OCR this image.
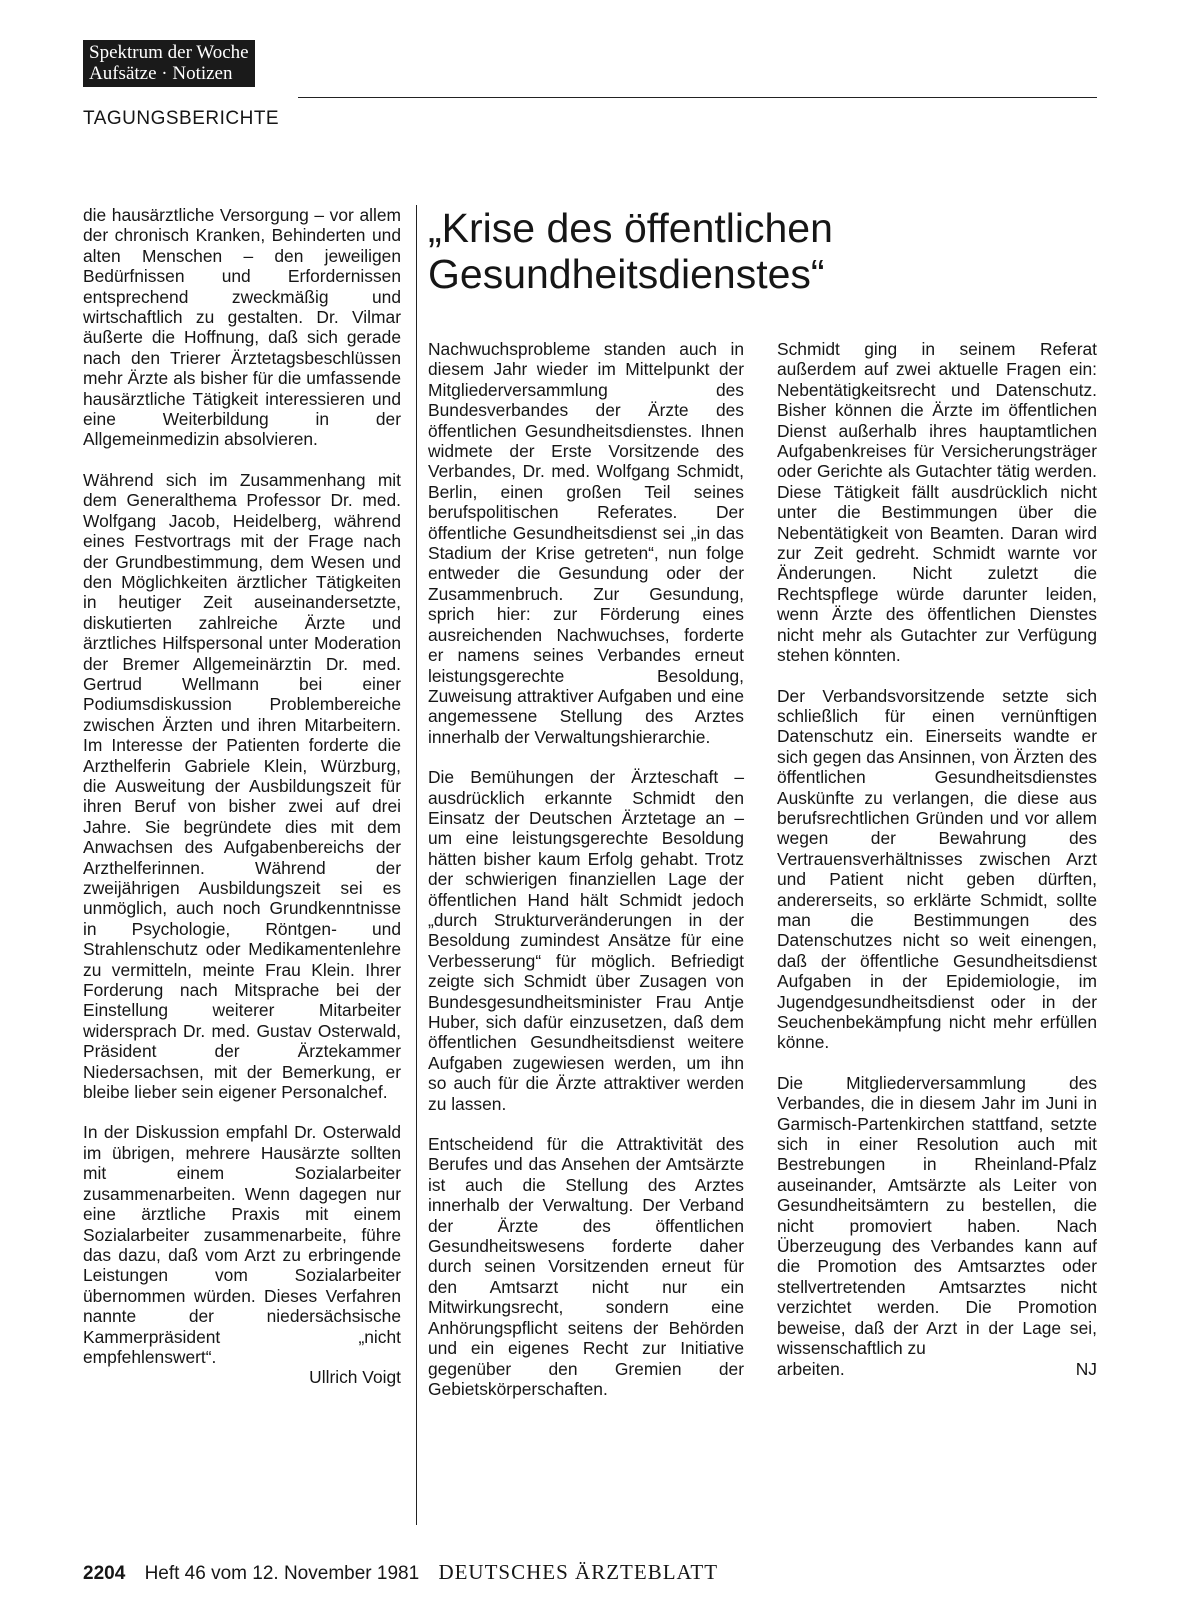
Spektrum der Woche
Aufsätze · Notizen
TAGUNGSBERICHTE

die hausärztliche Versorgung – vor allem der chronisch Kranken, Behinderten und alten Menschen – den jeweiligen Bedürfnissen und Erfordernissen entsprechend zweckmäßig und wirtschaftlich zu gestalten. Dr. Vilmar äußerte die Hoffnung, daß sich gerade nach den Trierer Ärztetagsbeschlüssen mehr Ärzte als bisher für die umfassende hausärztliche Tätigkeit interessieren und eine Weiterbildung in der Allgemeinmedizin absolvieren.

Während sich im Zusammenhang mit dem Generalthema Professor Dr. med. Wolfgang Jacob, Heidelberg, während eines Festvortrags mit der Frage nach der Grundbestimmung, dem Wesen und den Möglichkeiten ärztlicher Tätigkeiten in heutiger Zeit auseinandersetzte, diskutierten zahlreiche Ärzte und ärztliches Hilfspersonal unter Moderation der Bremer Allgemeinärztin Dr. med. Gertrud Wellmann bei einer Podiumsdiskussion Problembereiche zwischen Ärzten und ihren Mitarbeitern. Im Interesse der Patienten forderte die Arzthelferin Gabriele Klein, Würzburg, die Ausweitung der Ausbildungszeit für ihren Beruf von bisher zwei auf drei Jahre. Sie begründete dies mit dem Anwachsen des Aufgabenbereichs der Arzthelferinnen. Während der zweijährigen Ausbildungszeit sei es unmöglich, auch noch Grundkenntnisse in Psychologie, Röntgen- und Strahlenschutz oder Medikamentenlehre zu vermitteln, meinte Frau Klein. Ihrer Forderung nach Mitsprache bei der Einstellung weiterer Mitarbeiter widersprach Dr. med. Gustav Osterwald, Präsident der Ärztekammer Niedersachsen, mit der Bemerkung, er bleibe lieber sein eigener Personalchef.

In der Diskussion empfahl Dr. Osterwald im übrigen, mehrere Hausärzte sollten mit einem Sozialarbeiter zusammenarbeiten. Wenn dagegen nur eine ärztliche Praxis mit einem Sozialarbeiter zusammenarbeite, führe das dazu, daß vom Arzt zu erbringende Leistungen vom Sozialarbeiter übernommen würden. Dieses Verfahren nannte der niedersächsische Kammerpräsident „nicht empfehlenswert“.
Ullrich Voigt

„Krise des öffentlichen Gesundheitsdienstes“

Nachwuchsprobleme standen auch in diesem Jahr wieder im Mittelpunkt der Mitgliederversammlung des Bundesverbandes der Ärzte des öffentlichen Gesundheitsdienstes. Ihnen widmete der Erste Vorsitzende des Verbandes, Dr. med. Wolfgang Schmidt, Berlin, einen großen Teil seines berufspolitischen Referates. Der öffentliche Gesundheitsdienst sei „in das Stadium der Krise getreten“, nun folge entweder die Gesundung oder der Zusammenbruch. Zur Gesundung, sprich hier: zur Förderung eines ausreichenden Nachwuchses, forderte er namens seines Verbandes erneut leistungsgerechte Besoldung, Zuweisung attraktiver Aufgaben und eine angemessene Stellung des Arztes innerhalb der Verwaltungshierarchie.

Die Bemühungen der Ärzteschaft – ausdrücklich erkannte Schmidt den Einsatz der Deutschen Ärztetage an – um eine leistungsgerechte Besoldung hätten bisher kaum Erfolg gehabt. Trotz der schwierigen finanziellen Lage der öffentlichen Hand hält Schmidt jedoch „durch Strukturveränderungen in der Besoldung zumindest Ansätze für eine Verbesserung“ für möglich. Befriedigt zeigte sich Schmidt über Zusagen von Bundesgesundheitsminister Frau Antje Huber, sich dafür einzusetzen, daß dem öffentlichen Gesundheitsdienst weitere Aufgaben zugewiesen werden, um ihn so auch für die Ärzte attraktiver werden zu lassen.

Entscheidend für die Attraktivität des Berufes und das Ansehen der Amtsärzte ist auch die Stellung des Arztes innerhalb der Verwaltung. Der Verband der Ärzte des öffentlichen Gesundheitswesens forderte daher durch seinen Vorsitzenden erneut für den Amtsarzt nicht nur ein Mitwirkungsrecht, sondern eine Anhörungspflicht seitens der Behörden und ein eigenes Recht zur Initiative gegenüber den Gremien der Gebietskörperschaften.

Schmidt ging in seinem Referat außerdem auf zwei aktuelle Fragen ein: Nebentätigkeitsrecht und Datenschutz. Bisher können die Ärzte im öffentlichen Dienst außerhalb ihres hauptamtlichen Aufgabenkreises für Versicherungsträger oder Gerichte als Gutachter tätig werden. Diese Tätigkeit fällt ausdrücklich nicht unter die Bestimmungen über die Nebentätigkeit von Beamten. Daran wird zur Zeit gedreht. Schmidt warnte vor Änderungen. Nicht zuletzt die Rechtspflege würde darunter leiden, wenn Ärzte des öffentlichen Dienstes nicht mehr als Gutachter zur Verfügung stehen könnten.

Der Verbandsvorsitzende setzte sich schließlich für einen vernünftigen Datenschutz ein. Einerseits wandte er sich gegen das Ansinnen, von Ärzten des öffentlichen Gesundheitsdienstes Auskünfte zu verlangen, die diese aus berufsrechtlichen Gründen und vor allem wegen der Bewahrung des Vertrauensverhältnisses zwischen Arzt und Patient nicht geben dürften, andererseits, so erklärte Schmidt, sollte man die Bestimmungen des Datenschutzes nicht so weit einengen, daß der öffentliche Gesundheitsdienst Aufgaben in der Epidemiologie, im Jugendgesundheitsdienst oder in der Seuchenbekämpfung nicht mehr erfüllen könne.

Die Mitgliederversammlung des Verbandes, die in diesem Jahr im Juni in Garmisch-Partenkirchen stattfand, setzte sich in einer Resolution auch mit Bestrebungen in Rheinland-Pfalz auseinander, Amtsärzte als Leiter von Gesundheitsämtern zu bestellen, die nicht promoviert haben. Nach Überzeugung des Verbandes kann auf die Promotion des Amtsarztes oder stellvertretenden Amtsarztes nicht verzichtet werden. Die Promotion beweise, daß der Arzt in der Lage sei, wissenschaftlich zu
arbeiten.	NJ

2204 Heft 46 vom 12. November 1981 DEUTSCHES ÄRZTEBLATT
